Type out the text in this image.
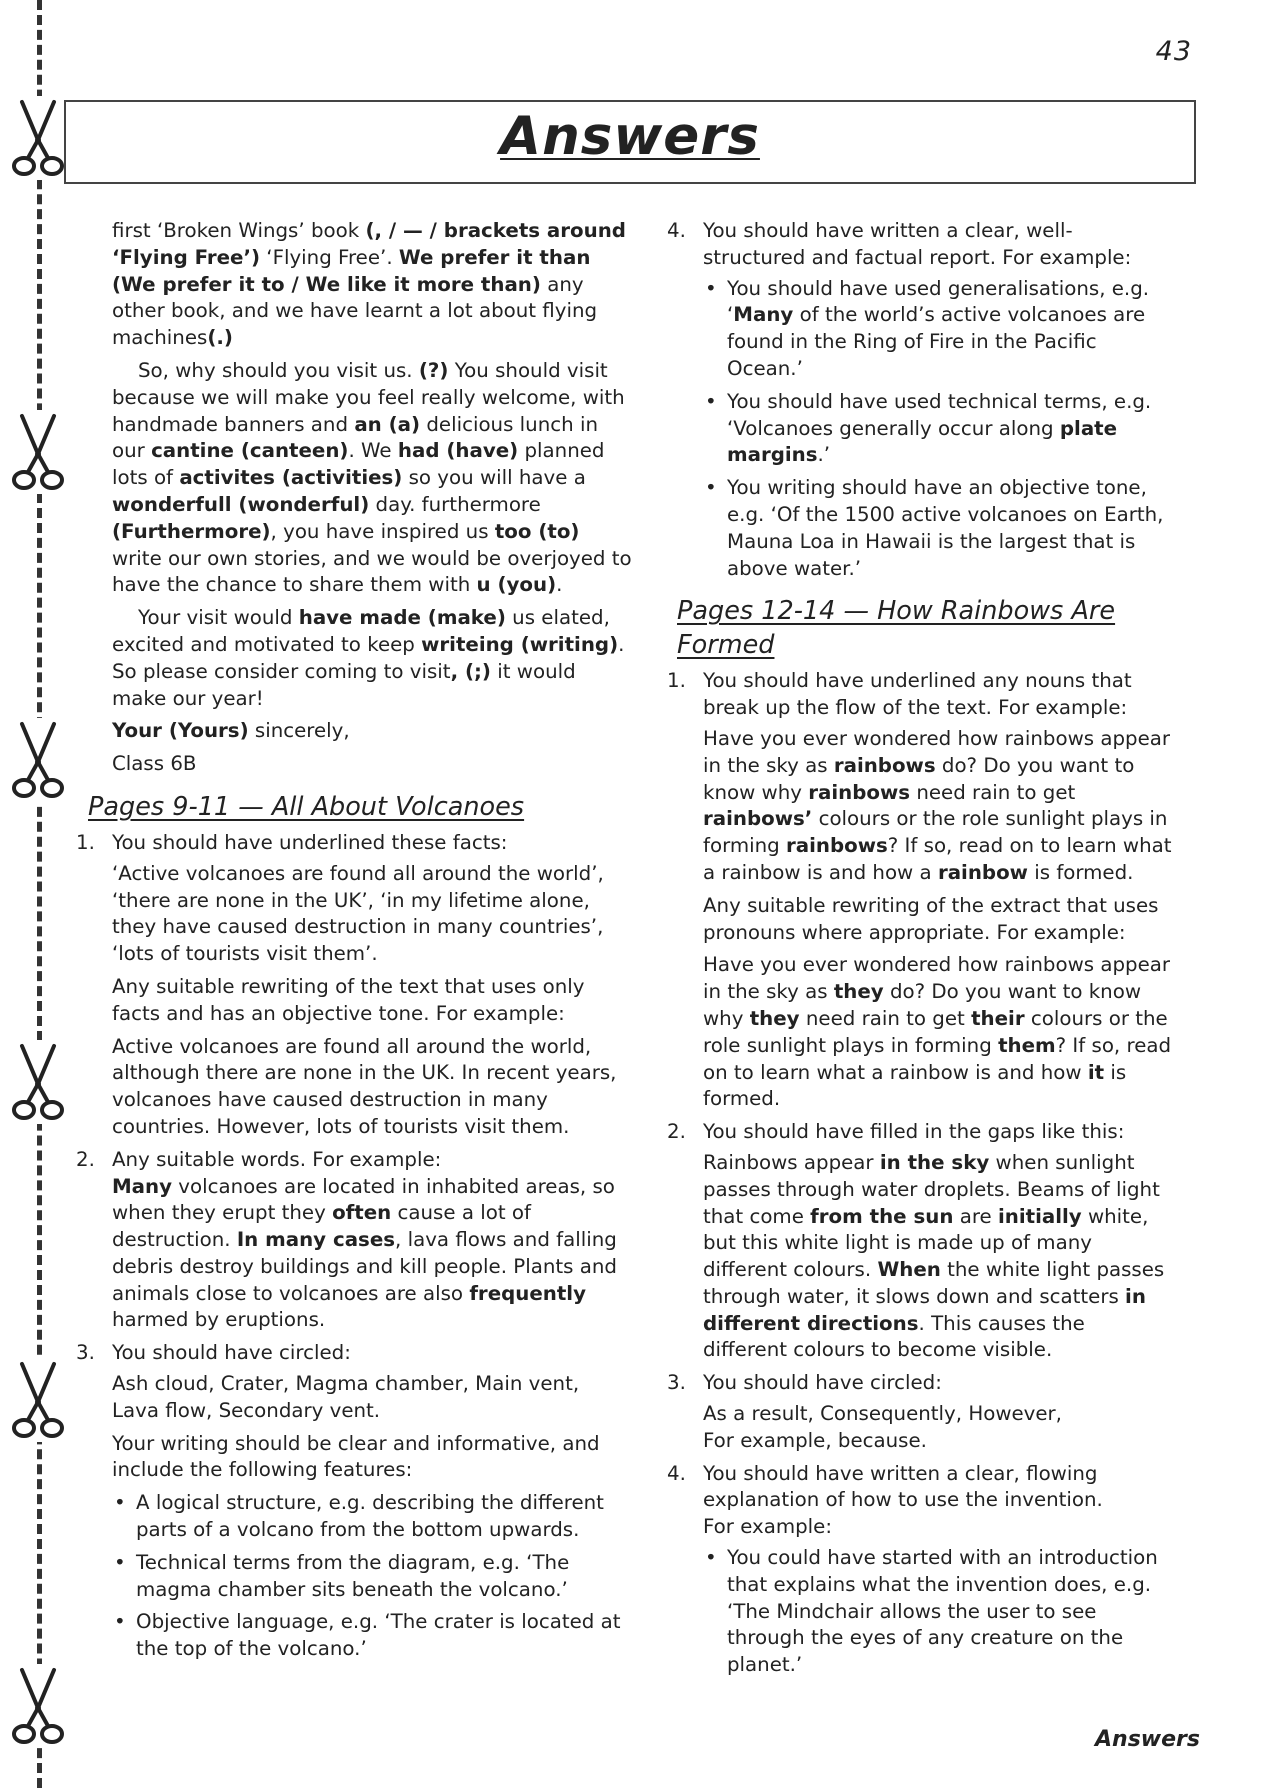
43
Answers

first ‘Broken Wings’ book (, / — / brackets around ‘Flying Free’) ‘Flying Free’. We prefer it than (We prefer it to / We like it more than) any other book, and we have learnt a lot about flying machines(.)

So, why should you visit us. (?) You should visit because we will make you feel really welcome, with handmade banners and an (a) delicious lunch in our cantine (canteen). We had (have) planned lots of activites (activities) so you will have a wonderfull (wonderful) day. furthermore (Furthermore), you have inspired us too (to) write our own stories, and we would be overjoyed to have the chance to share them with u (you).

Your visit would have made (make) us elated, excited and motivated to keep writeing (writing). So please consider coming to visit, (;) it would make our year!

Your (Yours) sincerely,

Class 6B

Pages 9-11 — All About Volcanoes
1. You should have underlined these facts:

‘Active volcanoes are found all around the world’, ‘there are none in the UK’, ‘in my lifetime alone, they have caused destruction in many countries’, ‘lots of tourists visit them’.

Any suitable rewriting of the text that uses only facts and has an objective tone. For example:

Active volcanoes are found all around the world, although there are none in the UK. In recent years, volcanoes have caused destruction in many countries. However, lots of tourists visit them.

2. Any suitable words. For example:
Many volcanoes are located in inhabited areas, so when they erupt they often cause a lot of destruction. In many cases, lava flows and falling debris destroy buildings and kill people. Plants and animals close to volcanoes are also frequently harmed by eruptions.

3. You should have circled:

Ash cloud, Crater, Magma chamber, Main vent, Lava flow, Secondary vent.

Your writing should be clear and informative, and include the following features:

• A logical structure, e.g. describing the different parts of a volcano from the bottom upwards.

• Technical terms from the diagram, e.g. ‘The magma chamber sits beneath the volcano.’

• Objective language, e.g. ‘The crater is located at the top of the volcano.’

4. You should have written a clear, well-structured and factual report. For example:

• You should have used generalisations, e.g. ‘Many of the world’s active volcanoes are found in the Ring of Fire in the Pacific Ocean.’

• You should have used technical terms, e.g. ‘Volcanoes generally occur along plate margins.’

• You writing should have an objective tone, e.g. ‘Of the 1500 active volcanoes on Earth, Mauna Loa in Hawaii is the largest that is above water.’

Pages 12-14 — How Rainbows Are Formed
1. You should have underlined any nouns that break up the flow of the text. For example:

Have you ever wondered how rainbows appear in the sky as rainbows do? Do you want to know why rainbows need rain to get rainbows’ colours or the role sunlight plays in forming rainbows? If so, read on to learn what a rainbow is and how a rainbow is formed.

Any suitable rewriting of the extract that uses pronouns where appropriate. For example:

Have you ever wondered how rainbows appear in the sky as they do? Do you want to know why they need rain to get their colours or the role sunlight plays in forming them? If so, read on to learn what a rainbow is and how it is formed.

2. You should have filled in the gaps like this:

Rainbows appear in the sky when sunlight passes through water droplets. Beams of light that come from the sun are initially white, but this white light is made up of many different colours. When the white light passes through water, it slows down and scatters in different directions. This causes the different colours to become visible.

3. You should have circled:

As a result, Consequently, However,
For example, because.

4. You should have written a clear, flowing explanation of how to use the invention.
For example:

• You could have started with an introduction that explains what the invention does, e.g. ‘The Mindchair allows the user to see through the eyes of any creature on the planet.’

Answers
